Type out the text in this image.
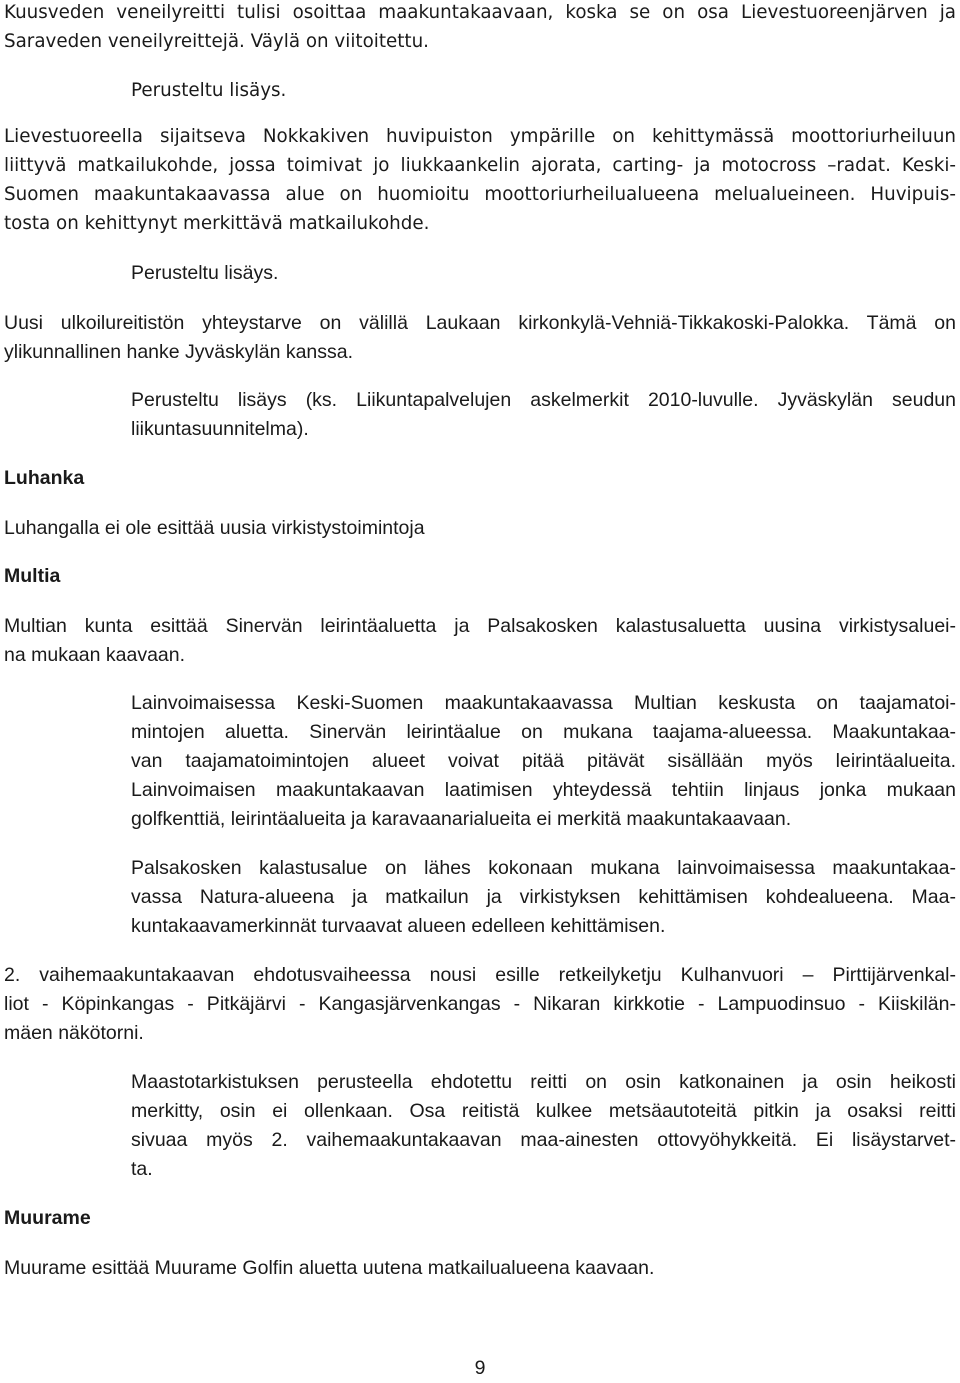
Kuusveden veneilyreitti tulisi osoittaa maakuntakaavaan, koska se on osa Lievestuoreenjärven ja
Saraveden veneilyreittejä. Väylä on viitoitettu.
Perusteltu lisäys.
Lievestuoreella sijaitseva Nokkakiven huvipuiston ympärille on kehittymässä moottoriurheiluun
liittyvä matkailukohde, jossa toimivat jo liukkaankelin ajorata, carting- ja motocross –radat. Keski-
Suomen maakuntakaavassa alue on huomioitu moottoriurheilualueena melualueineen. Huvipuis-
tosta on kehittynyt merkittävä matkailukohde.
Perusteltu lisäys.
Uusi ulkoilureitistön yhteystarve on välillä Laukaan kirkonkylä-Vehniä-Tikkakoski-Palokka. Tämä on
ylikunnallinen hanke Jyväskylän kanssa.
Perusteltu lisäys (ks. Liikuntapalvelujen askelmerkit 2010-luvulle. Jyväskylän seudun
liikuntasuunnitelma).
Luhanka
Luhangalla ei ole esittää uusia virkistystoimintoja
Multia
Multian kunta esittää Sinervän leirintäaluetta ja Palsakosken kalastusaluetta uusina virkistysaluei-
na mukaan kaavaan.
Lainvoimaisessa Keski-Suomen maakuntakaavassa Multian keskusta on taajamatoi-
mintojen aluetta. Sinervän leirintäalue on mukana taajama-alueessa. Maakuntakaa-
van taajamatoimintojen alueet voivat pitää pitävät sisällään myös leirintäalueita.
Lainvoimaisen maakuntakaavan laatimisen yhteydessä tehtiin linjaus jonka mukaan
golfkenttiä, leirintäalueita ja karavaanarialueita ei merkitä maakuntakaavaan.
Palsakosken kalastusalue on lähes kokonaan mukana lainvoimaisessa maakuntakaa-
vassa Natura-alueena ja matkailun ja virkistyksen kehittämisen kohdealueena. Maa-
kuntakaavamerkinnät turvaavat alueen edelleen kehittämisen.
2. vaihemaakuntakaavan ehdotusvaiheessa nousi esille retkeilyketju Kulhanvuori – Pirttijärvenkal-
liot - Köpinkangas - Pitkäjärvi - Kangasjärvenkangas - Nikaran kirkkotie - Lampuodinsuo - Kiiskilän-
mäen näkötorni.
Maastotarkistuksen perusteella ehdotettu reitti on osin katkonainen ja osin heikosti
merkitty, osin ei ollenkaan. Osa reitistä kulkee metsäautoteitä pitkin ja osaksi reitti
sivuaa myös 2. vaihemaakuntakaavan maa-ainesten ottovyöhykkeitä. Ei lisäystarvet-
ta.
Muurame
Muurame esittää Muurame Golfin aluetta uutena matkailualueena kaavaan.
9
